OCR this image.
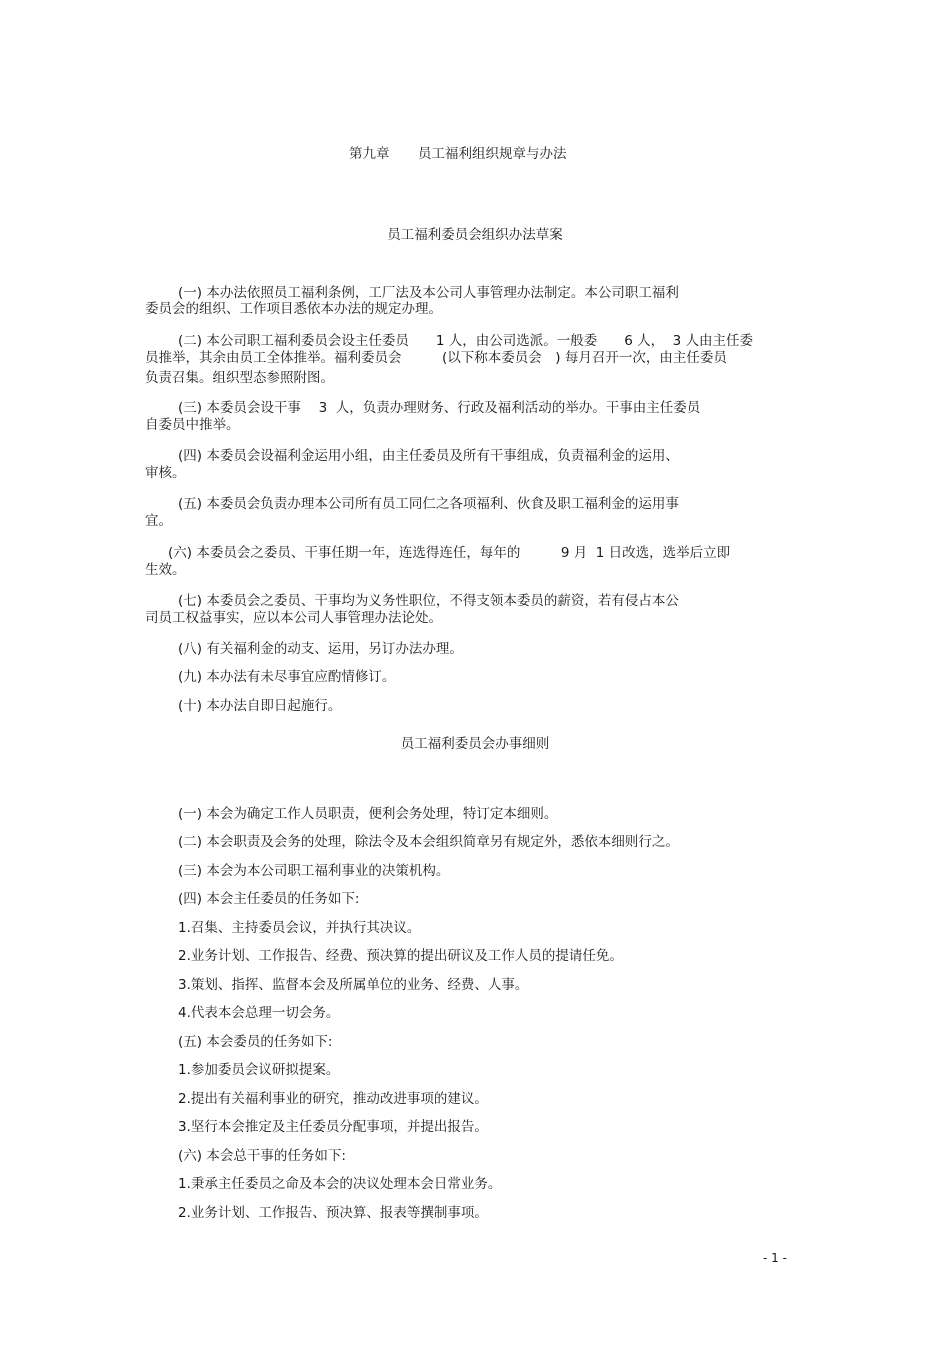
第九章 员工福利组织规章与办法
员工福利委员会组织办法草案
(一) 本办法依照员工福利条例，工厂法及本公司人事管理办法制定。本公司职工福利
委员会的组织、工作项目悉依本办法的规定办理。
(二) 本公司职工福利委员会设主任委员　　1 人，由公司选派。一般委　　6 人，  3 人由主任委
员推举，其余由员工全体推举。福利委员会　　　(以下称本委员会　) 每月召开一次，由主任委员
负责召集。组织型态参照附图。
(三) 本委员会设干事　 3  人，负责办理财务、行政及福利活动的举办。干事由主任委员
自委员中推举。
(四) 本委员会设福利金运用小组，由主任委员及所有干事组成，负责福利金的运用、
审核。
(五) 本委员会负责办理本公司所有员工同仁之各项福利、伙食及职工福利金的运用事
宜。
(六) 本委员会之委员、干事任期一年，连选得连任，每年的　　　9 月  1 日改选，选举后立即
生效。
(七) 本委员会之委员、干事均为义务性职位，不得支领本委员的薪资，若有侵占本公
司员工权益事实，应以本公司人事管理办法论处。
(八) 有关福利金的动支、运用，另订办法办理。
(九) 本办法有未尽事宜应酌情修订。
(十) 本办法自即日起施行。
员工福利委员会办事细则
(一) 本会为确定工作人员职责，便利会务处理，特订定本细则。
(二) 本会职责及会务的处理，除法令及本会组织简章另有规定外，悉依本细则行之。
(三) 本会为本公司职工福利事业的决策机构。
(四) 本会主任委员的任务如下:
1.召集、主持委员会议，并执行其决议。
2.业务计划、工作报告、经费、预决算的提出研议及工作人员的提请任免。
3.策划、指挥、监督本会及所属单位的业务、经费、人事。
4.代表本会总理一切会务。
(五) 本会委员的任务如下:
1.参加委员会议研拟提案。
2.提出有关福利事业的研究，推动改进事项的建议。
3.坚行本会推定及主任委员分配事项，并提出报告。
(六) 本会总干事的任务如下:
1.秉承主任委员之命及本会的决议处理本会日常业务。
2.业务计划、工作报告、预决算、报表等撰制事项。
- 1 -
